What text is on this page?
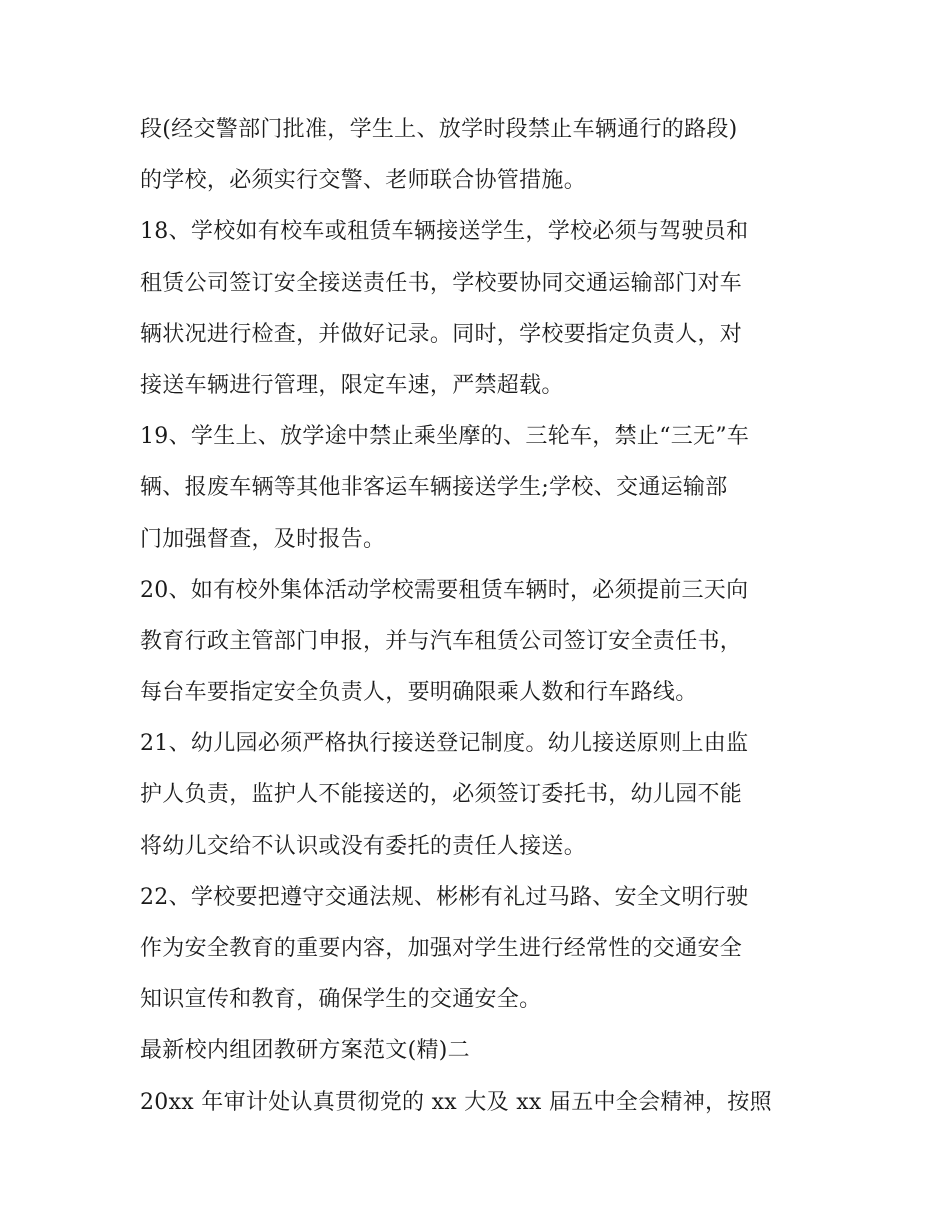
段(经交警部门批准，学生上、放学时段禁止车辆通行的路段)
的学校，必须实行交警、老师联合协管措施。
18、学校如有校车或租赁车辆接送学生，学校必须与驾驶员和
租赁公司签订安全接送责任书，学校要协同交通运输部门对车
辆状况进行检查，并做好记录。同时，学校要指定负责人，对
接送车辆进行管理，限定车速，严禁超载。
19、学生上、放学途中禁止乘坐摩的、三轮车，禁止“三无”车
辆、报废车辆等其他非客运车辆接送学生;学校、交通运输部
门加强督查，及时报告。
20、如有校外集体活动学校需要租赁车辆时，必须提前三天向
教育行政主管部门申报，并与汽车租赁公司签订安全责任书，
每台车要指定安全负责人，要明确限乘人数和行车路线。
21、幼儿园必须严格执行接送登记制度。幼儿接送原则上由监
护人负责，监护人不能接送的，必须签订委托书，幼儿园不能
将幼儿交给不认识或没有委托的责任人接送。
22、学校要把遵守交通法规、彬彬有礼过马路、安全文明行驶
作为安全教育的重要内容，加强对学生进行经常性的交通安全
知识宣传和教育，确保学生的交通安全。
最新校内组团教研方案范文(精)二
20xx 年审计处认真贯彻党的 xx 大及 xx 届五中全会精神，按照
